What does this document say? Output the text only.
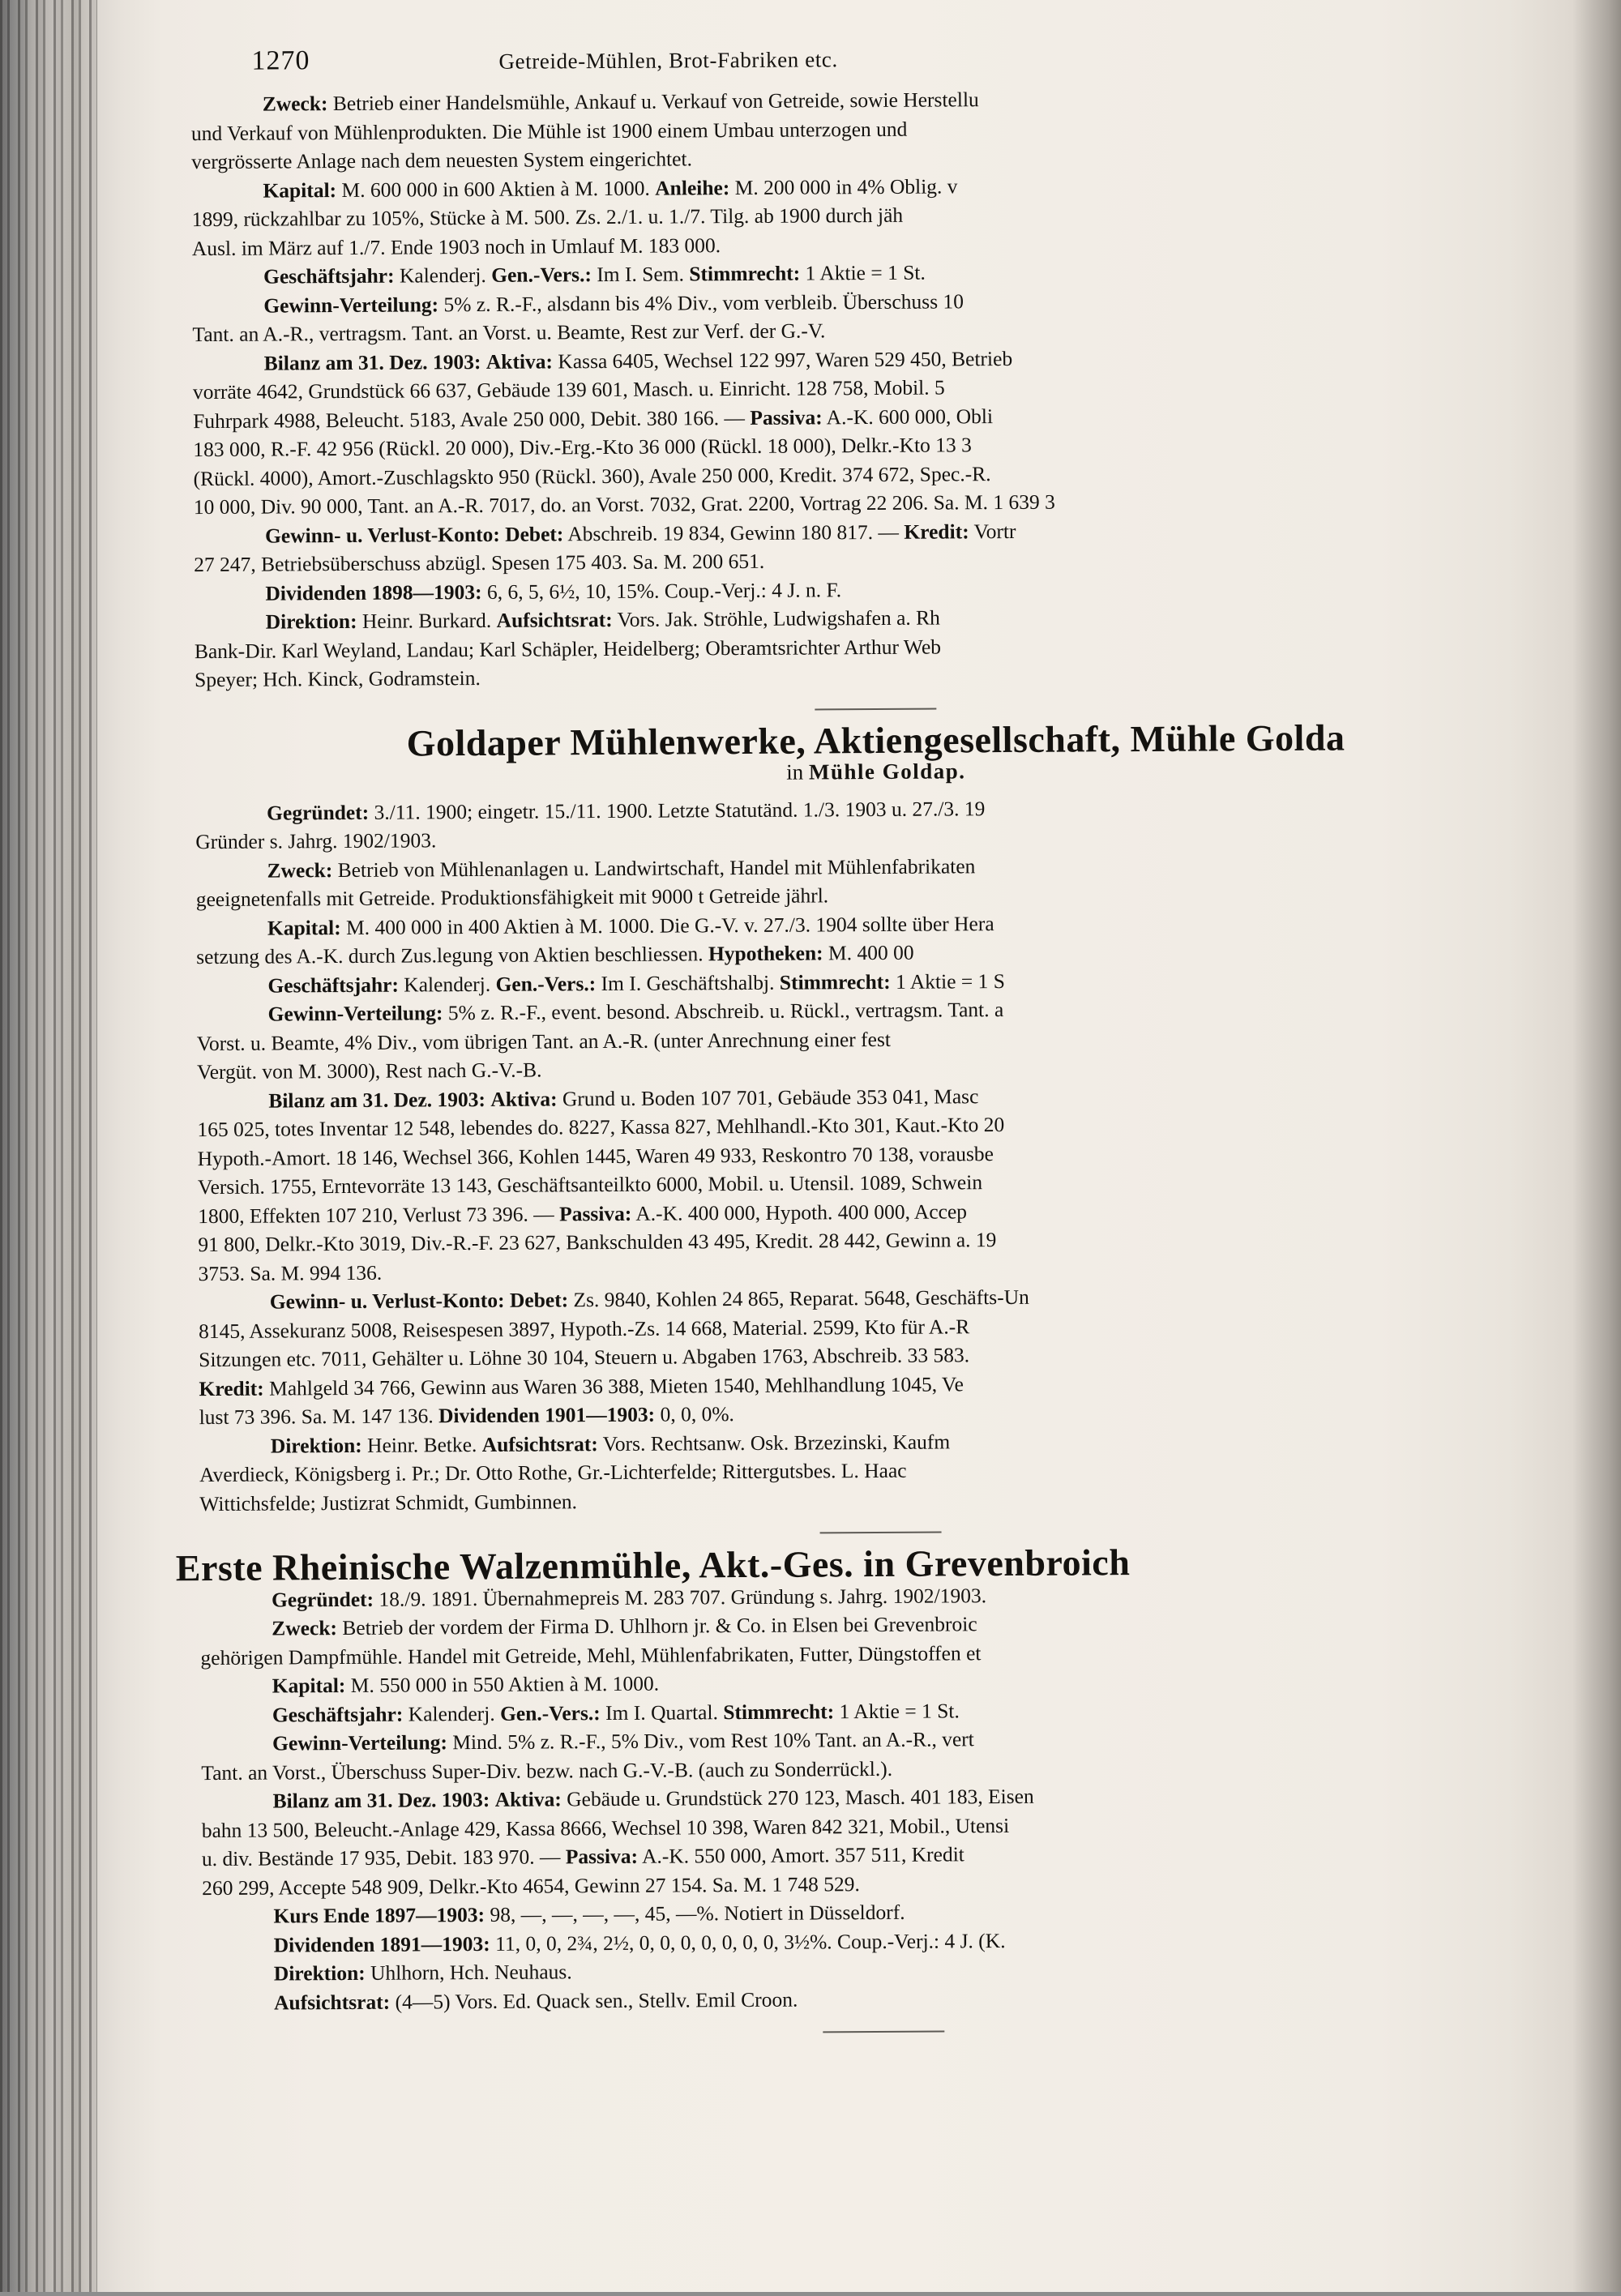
1270	Getreide-Mühlen, Brot-Fabriken etc.

Zweck: Betrieb einer Handelsmühle, Ankauf u. Verkauf von Getreide, sowie Herstellu

und Verkauf von Mühlenprodukten. Die Mühle ist 1900 einem Umbau unterzogen und

vergrösserte Anlage nach dem neuesten System eingerichtet.

Kapital: M. 600 000 in 600 Aktien à M. 1000. Anleihe: M. 200 000 in 4% Oblig. v

1899, rückzahlbar zu 105%, Stücke à M. 500. Zs. 2./1. u. 1./7. Tilg. ab 1900 durch jäh

Ausl. im März auf 1./7. Ende 1903 noch in Umlauf M. 183 000.

Geschäftsjahr: Kalenderj. Gen.-Vers.: Im I. Sem. Stimmrecht: 1 Aktie = 1 St.

Gewinn-Verteilung: 5% z. R.-F., alsdann bis 4% Div., vom verbleib. Überschuss 10

Tant. an A.-R., vertragsm. Tant. an Vorst. u. Beamte, Rest zur Verf. der G.-V.

Bilanz am 31. Dez. 1903: Aktiva: Kassa 6405, Wechsel 122 997, Waren 529 450, Betrieb

vorräte 4642, Grundstück 66 637, Gebäude 139 601, Masch. u. Einricht. 128 758, Mobil. 5

Fuhrpark 4988, Beleucht. 5183, Avale 250 000, Debit. 380 166. — Passiva: A.-K. 600 000, Obli

183 000, R.-F. 42 956 (Rückl. 20 000), Div.-Erg.-Kto 36 000 (Rückl. 18 000), Delkr.-Kto 13 3

(Rückl. 4000), Amort.-Zuschlagskto 950 (Rückl. 360), Avale 250 000, Kredit. 374 672, Spec.-R.

10 000, Div. 90 000, Tant. an A.-R. 7017, do. an Vorst. 7032, Grat. 2200, Vortrag 22 206. Sa. M. 1 639 3

Gewinn- u. Verlust-Konto: Debet: Abschreib. 19 834, Gewinn 180 817. — Kredit: Vortr

27 247, Betriebsüberschuss abzügl. Spesen 175 403. Sa. M. 200 651.

Dividenden 1898—1903: 6, 6, 5, 6½, 10, 15%. Coup.-Verj.: 4 J. n. F.

Direktion: Heinr. Burkard. Aufsichtsrat: Vors. Jak. Ströhle, Ludwigshafen a. Rh

Bank-Dir. Karl Weyland, Landau; Karl Schäpler, Heidelberg; Oberamtsrichter Arthur Web

Speyer; Hch. Kinck, Godramstein.

Goldaper Mühlenwerke, Aktiengesellschaft, Mühle Golda
in Mühle Goldap.

Gegründet: 3./11. 1900; eingetr. 15./11. 1900. Letzte Statutänd. 1./3. 1903 u. 27./3. 19

Gründer s. Jahrg. 1902/1903.

Zweck: Betrieb von Mühlenanlagen u. Landwirtschaft, Handel mit Mühlenfabrikaten

geeignetenfalls mit Getreide. Produktionsfähigkeit mit 9000 t Getreide jährl.

Kapital: M. 400 000 in 400 Aktien à M. 1000. Die G.-V. v. 27./3. 1904 sollte über Hera

setzung des A.-K. durch Zus.legung von Aktien beschliessen. Hypotheken: M. 400 00

Geschäftsjahr: Kalenderj. Gen.-Vers.: Im I. Geschäftshalbj. Stimmrecht: 1 Aktie = 1 S

Gewinn-Verteilung: 5% z. R.-F., event. besond. Abschreib. u. Rückl., vertragsm. Tant. a

Vorst. u. Beamte, 4% Div., vom übrigen Tant. an A.-R. (unter Anrechnung einer fest

Vergüt. von M. 3000), Rest nach G.-V.-B.

Bilanz am 31. Dez. 1903: Aktiva: Grund u. Boden 107 701, Gebäude 353 041, Masc

165 025, totes Inventar 12 548, lebendes do. 8227, Kassa 827, Mehlhandl.-Kto 301, Kaut.-Kto 20

Hypoth.-Amort. 18 146, Wechsel 366, Kohlen 1445, Waren 49 933, Reskontro 70 138, vorausbe

Versich. 1755, Erntevorräte 13 143, Geschäftsanteilkto 6000, Mobil. u. Utensil. 1089, Schwein

1800, Effekten 107 210, Verlust 73 396. — Passiva: A.-K. 400 000, Hypoth. 400 000, Accep

91 800, Delkr.-Kto 3019, Div.-R.-F. 23 627, Bankschulden 43 495, Kredit. 28 442, Gewinn a. 19

3753. Sa. M. 994 136.

Gewinn- u. Verlust-Konto: Debet: Zs. 9840, Kohlen 24 865, Reparat. 5648, Geschäfts-Un

8145, Assekuranz 5008, Reisespesen 3897, Hypoth.-Zs. 14 668, Material. 2599, Kto für A.-R

Sitzungen etc. 7011, Gehälter u. Löhne 30 104, Steuern u. Abgaben 1763, Abschreib. 33 583.

Kredit: Mahlgeld 34 766, Gewinn aus Waren 36 388, Mieten 1540, Mehlhandlung 1045, Ve

lust 73 396. Sa. M. 147 136. Dividenden 1901—1903: 0, 0, 0%.

Direktion: Heinr. Betke. Aufsichtsrat: Vors. Rechtsanw. Osk. Brzezinski, Kaufm

Averdieck, Königsberg i. Pr.; Dr. Otto Rothe, Gr.-Lichterfelde; Rittergutsbes. L. Haac

Wittichsfelde; Justizrat Schmidt, Gumbinnen.

Erste Rheinische Walzenmühle, Akt.-Ges. in Grevenbroich

Gegründet: 18./9. 1891. Übernahmepreis M. 283 707. Gründung s. Jahrg. 1902/1903.

Zweck: Betrieb der vordem der Firma D. Uhlhorn jr. & Co. in Elsen bei Grevenbroic

gehörigen Dampfmühle. Handel mit Getreide, Mehl, Mühlenfabrikaten, Futter, Düngstoffen et

Kapital: M. 550 000 in 550 Aktien à M. 1000.

Geschäftsjahr: Kalenderj. Gen.-Vers.: Im I. Quartal. Stimmrecht: 1 Aktie = 1 St.

Gewinn-Verteilung: Mind. 5% z. R.-F., 5% Div., vom Rest 10% Tant. an A.-R., vert

Tant. an Vorst., Überschuss Super-Div. bezw. nach G.-V.-B. (auch zu Sonderrückl.).

Bilanz am 31. Dez. 1903: Aktiva: Gebäude u. Grundstück 270 123, Masch. 401 183, Eisen

bahn 13 500, Beleucht.-Anlage 429, Kassa 8666, Wechsel 10 398, Waren 842 321, Mobil., Utensi

u. div. Bestände 17 935, Debit. 183 970. — Passiva: A.-K. 550 000, Amort. 357 511, Kredit

260 299, Accepte 548 909, Delkr.-Kto 4654, Gewinn 27 154. Sa. M. 1 748 529.

Kurs Ende 1897—1903: 98, —, —, —, —, 45, —%. Notiert in Düsseldorf.

Dividenden 1891—1903: 11, 0, 0, 2¾, 2½, 0, 0, 0, 0, 0, 0, 0, 3½%. Coup.-Verj.: 4 J. (K.

Direktion: Uhlhorn, Hch. Neuhaus.

Aufsichtsrat: (4—5) Vors. Ed. Quack sen., Stellv. Emil Croon.
